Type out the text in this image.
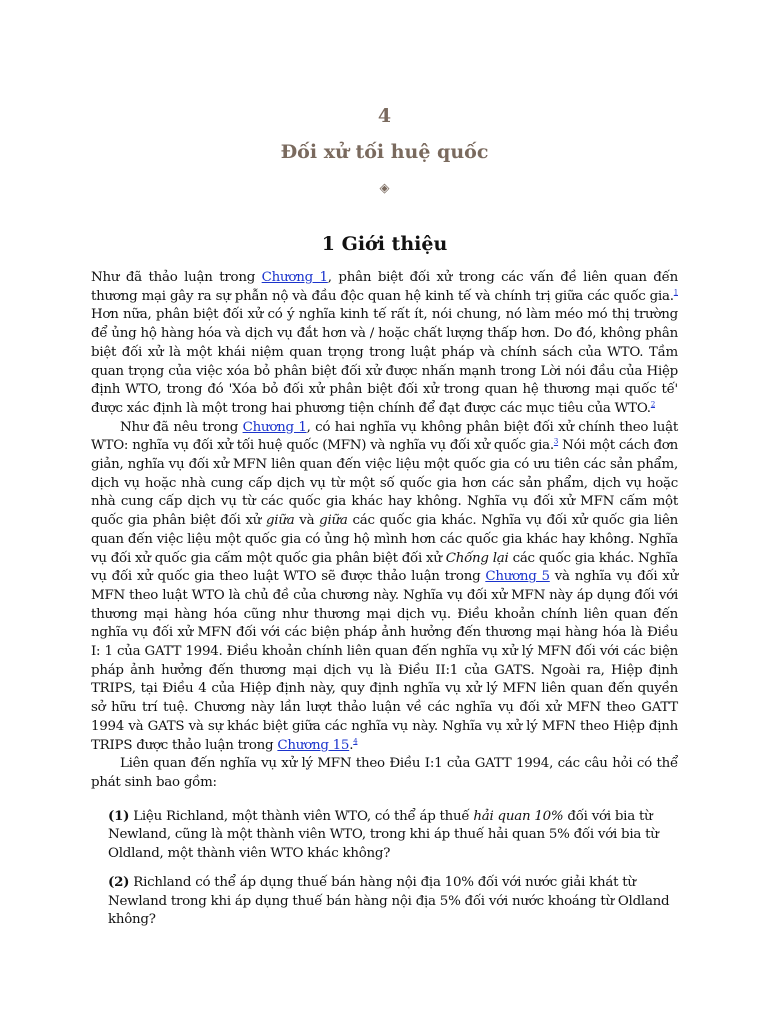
4
Đối xử tối huệ quốc
◈
1 Giới thiệu

Như đã thảo luận trong Chương 1, phân biệt đối xử trong các vấn đề liên quan đến thương mại gây ra sự phẫn nộ và đầu độc quan hệ kinh tế và chính trị giữa các quốc gia.$^1$ Hơn nữa, phân biệt đối xử có ý nghĩa kinh tế rất ít, nói chung, nó làm méo mó thị trường để ủng hộ hàng hóa và dịch vụ đắt hơn và / hoặc chất lượng thấp hơn. Do đó, không phân biệt đối xử là một khái niệm quan trọng trong luật pháp và chính sách của WTO. Tầm quan trọng của việc xóa bỏ phân biệt đối xử được nhấn mạnh trong Lời nói đầu của Hiệp định WTO, trong đó 'Xóa bỏ đối xử phân biệt đối xử trong quan hệ thương mại quốc tế' được xác định là một trong hai phương tiện chính để đạt được các mục tiêu của WTO.$^2$

Như đã nêu trong Chương 1, có hai nghĩa vụ không phân biệt đối xử chính theo luật WTO: nghĩa vụ đối xử tối huệ quốc (MFN) và nghĩa vụ đối xử quốc gia.$^3$ Nói một cách đơn giản, nghĩa vụ đối xử MFN liên quan đến việc liệu một quốc gia có ưu tiên các sản phẩm, dịch vụ hoặc nhà cung cấp dịch vụ từ một số quốc gia hơn các sản phẩm, dịch vụ hoặc nhà cung cấp dịch vụ từ các quốc gia khác hay không. Nghĩa vụ đối xử MFN cấm một quốc gia phân biệt đối xử giữa và giữa các quốc gia khác. Nghĩa vụ đối xử quốc gia liên quan đến việc liệu một quốc gia có ủng hộ mình hơn các quốc gia khác hay không. Nghĩa vụ đối xử quốc gia cấm một quốc gia phân biệt đối xử Chống lại các quốc gia khác. Nghĩa vụ đối xử quốc gia theo luật WTO sẽ được thảo luận trong Chương 5 và nghĩa vụ đối xử MFN theo luật WTO là chủ đề của chương này. Nghĩa vụ đối xử MFN này áp dụng đối với thương mại hàng hóa cũng như thương mại dịch vụ. Điều khoản chính liên quan đến nghĩa vụ đối xử MFN đối với các biện pháp ảnh hưởng đến thương mại hàng hóa là Điều I: 1 của GATT 1994. Điều khoản chính liên quan đến nghĩa vụ xử lý MFN đối với các biện pháp ảnh hưởng đến thương mại dịch vụ là Điều II:1 của GATS. Ngoài ra, Hiệp định TRIPS, tại Điều 4 của Hiệp định này, quy định nghĩa vụ xử lý MFN liên quan đến quyền sở hữu trí tuệ. Chương này lần lượt thảo luận về các nghĩa vụ đối xử MFN theo GATT 1994 và GATS và sự khác biệt giữa các nghĩa vụ này. Nghĩa vụ xử lý MFN theo Hiệp định TRIPS được thảo luận trong Chương 15.$^4$

Liên quan đến nghĩa vụ xử lý MFN theo Điều I:1 của GATT 1994, các câu hỏi có thể phát sinh bao gồm:

(1) Liệu Richland, một thành viên WTO, có thể áp thuế hải quan 10% đối với bia từ Newland, cũng là một thành viên WTO, trong khi áp thuế hải quan 5% đối với bia từ Oldland, một thành viên WTO khác không?

(2) Richland có thể áp dụng thuế bán hàng nội địa 10% đối với nước giải khát từ Newland trong khi áp dụng thuế bán hàng nội địa 5% đối với nước khoáng từ Oldland không?
